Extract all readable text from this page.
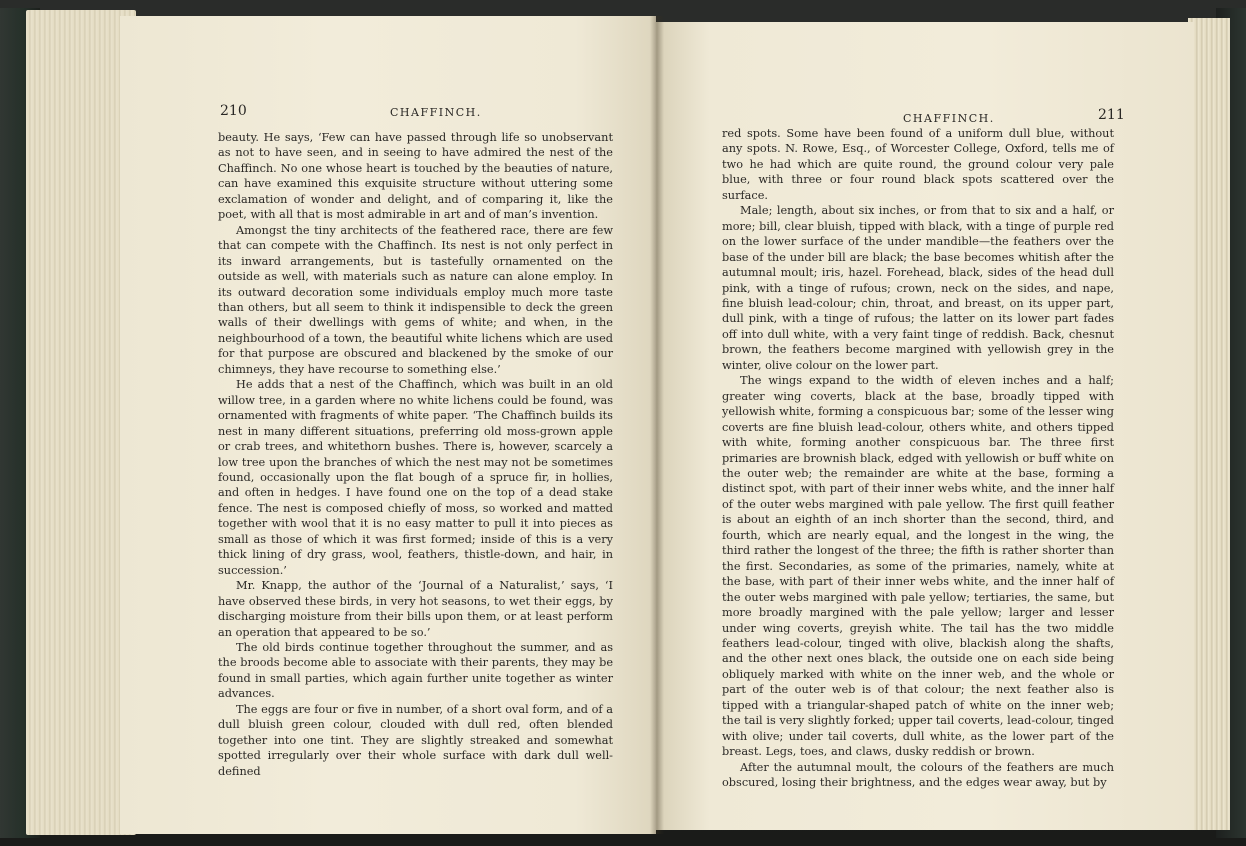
210	CHAFFINCH.

beauty. He says, ‘Few can have passed through life so unobservant as not to have seen, and in seeing to have admired the nest of the Chaffinch. No one whose heart is touched by the beauties of nature, can have examined this exquisite structure without uttering some exclamation of wonder and delight, and of comparing it, like the poet, with all that is most admirable in art and of man’s invention.

Amongst the tiny architects of the feathered race, there are few that can compete with the Chaffinch. Its nest is not only perfect in its inward arrangements, but is tastefully ornamented on the outside as well, with materials such as nature can alone employ. In its outward decoration some individuals employ much more taste than others, but all seem to think it indispensible to deck the green walls of their dwellings with gems of white; and when, in the neighbourhood of a town, the beautiful white lichens which are used for that purpose are obscured and blackened by the smoke of our chimneys, they have recourse to something else.’

He adds that a nest of the Chaffinch, which was built in an old willow tree, in a garden where no white lichens could be found, was ornamented with fragments of white paper. ‘The Chaffinch builds its nest in many different situations, preferring old moss-grown apple or crab trees, and whitethorn bushes. There is, however, scarcely a low tree upon the branches of which the nest may not be sometimes found, occasionally upon the flat bough of a spruce fir, in hollies, and often in hedges. I have found one on the top of a dead stake fence. The nest is composed chiefly of moss, so worked and matted together with wool that it is no easy matter to pull it into pieces as small as those of which it was first formed; inside of this is a very thick lining of dry grass, wool, feathers, thistle-down, and hair, in succession.’

Mr. Knapp, the author of the ‘Journal of a Naturalist,’ says, ‘I have observed these birds, in very hot seasons, to wet their eggs, by discharging moisture from their bills upon them, or at least perform an operation that appeared to be so.’

The old birds continue together throughout the summer, and as the broods become able to associate with their parents, they may be found in small parties, which again further unite together as winter advances.

The eggs are four or five in number, of a short oval form, and of a dull bluish green colour, clouded with dull red, often blended together into one tint. They are slightly streaked and somewhat spotted irregularly over their whole surface with dark dull well-defined

CHAFFINCH.	211

red spots. Some have been found of a uniform dull blue, without any spots. N. Rowe, Esq., of Worcester College, Oxford, tells me of two he had which are quite round, the ground colour very pale blue, with three or four round black spots scattered over the surface.

Male; length, about six inches, or from that to six and a half, or more; bill, clear bluish, tipped with black, with a tinge of purple red on the lower surface of the under mandible—the feathers over the base of the under bill are black; the base becomes whitish after the autumnal moult; iris, hazel. Forehead, black, sides of the head dull pink, with a tinge of rufous; crown, neck on the sides, and nape, fine bluish lead-colour; chin, throat, and breast, on its upper part, dull pink, with a tinge of rufous; the latter on its lower part fades off into dull white, with a very faint tinge of reddish. Back, chesnut brown, the feathers become margined with yellowish grey in the winter, olive colour on the lower part.

The wings expand to the width of eleven inches and a half; greater wing coverts, black at the base, broadly tipped with yellowish white, forming a conspicuous bar; some of the lesser wing coverts are fine bluish lead-colour, others white, and others tipped with white, forming another conspicuous bar. The three first primaries are brownish black, edged with yellowish or buff white on the outer web; the remainder are white at the base, forming a distinct spot, with part of their inner webs white, and the inner half of the outer webs margined with pale yellow. The first quill feather is about an eighth of an inch shorter than the second, third, and fourth, which are nearly equal, and the longest in the wing, the third rather the longest of the three; the fifth is rather shorter than the first. Secondaries, as some of the primaries, namely, white at the base, with part of their inner webs white, and the inner half of the outer webs margined with pale yellow; tertiaries, the same, but more broadly margined with the pale yellow; larger and lesser under wing coverts, greyish white. The tail has the two middle feathers lead-colour, tinged with olive, blackish along the shafts, and the other next ones black, the outside one on each side being obliquely marked with white on the inner web, and the whole or part of the outer web is of that colour; the next feather also is tipped with a triangular-shaped patch of white on the inner web; the tail is very slightly forked; upper tail coverts, lead-colour, tinged with olive; under tail coverts, dull white, as the lower part of the breast. Legs, toes, and claws, dusky reddish or brown.

After the autumnal moult, the colours of the feathers are much obscured, losing their brightness, and the edges wear away, but by
